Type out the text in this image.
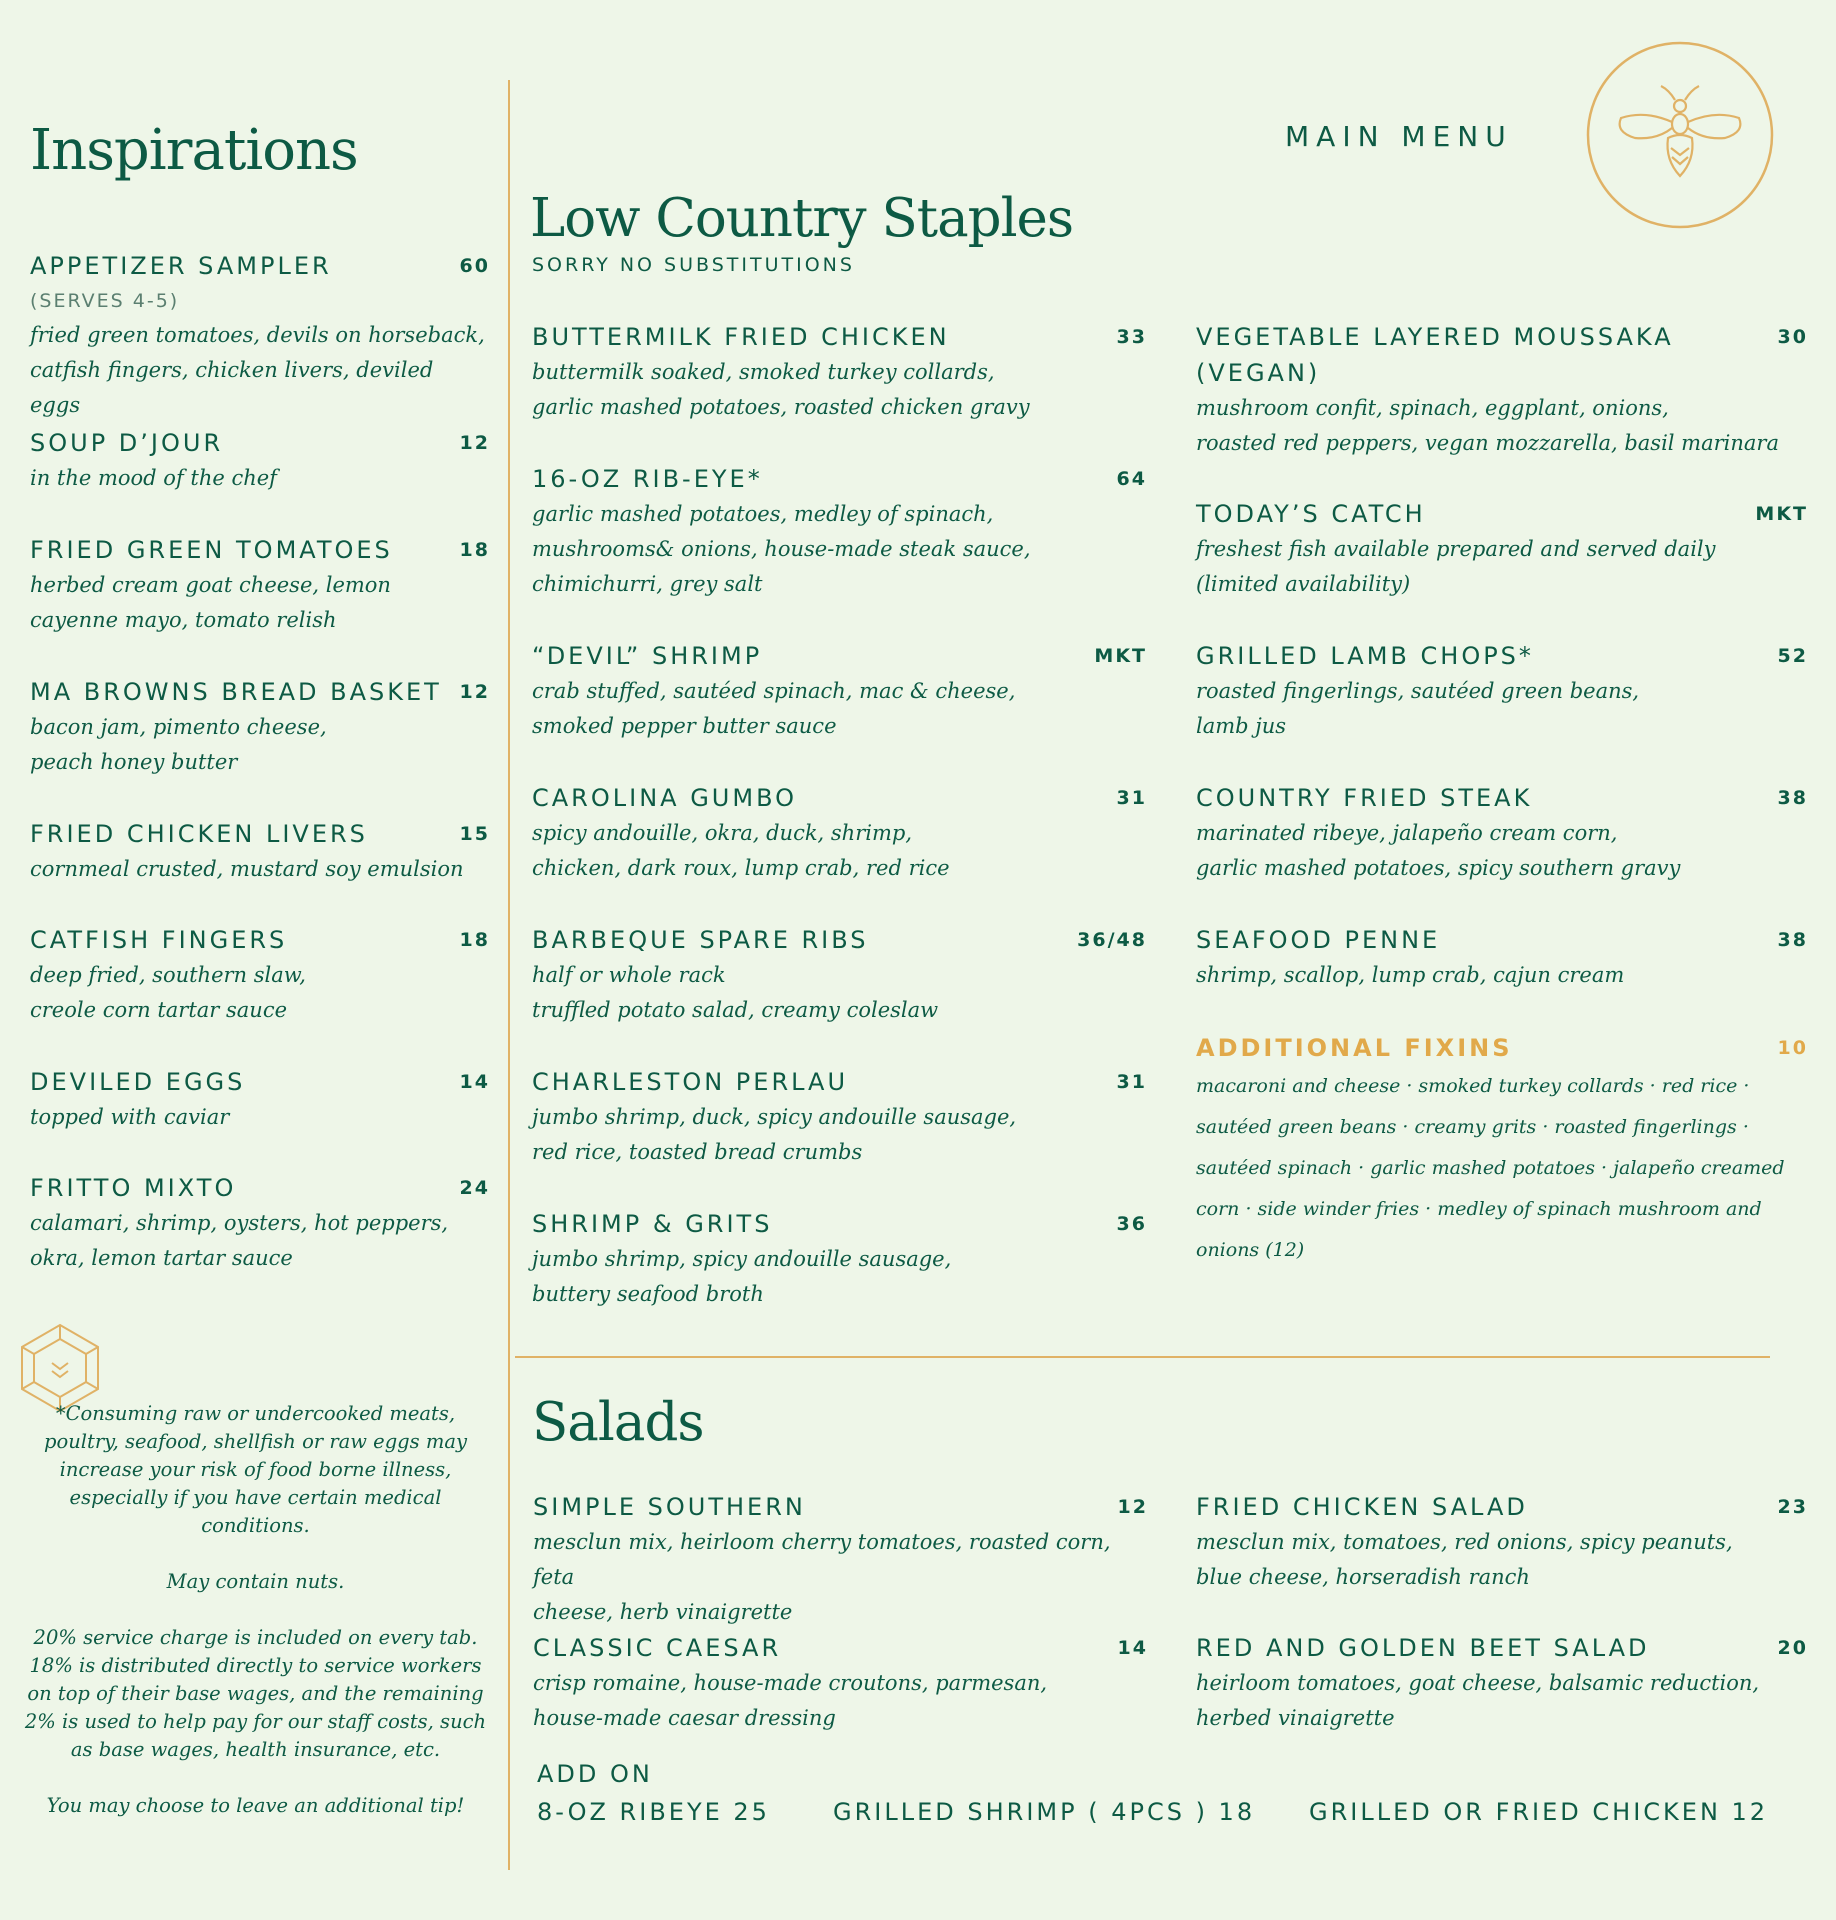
MAIN MENU
Inspirations

*Consuming raw or undercooked meats, poultry, seafood, shellfish or raw eggs may increase your risk of food borne illness, especially if you have certain medical conditions.

May contain nuts.

20% service charge is included on every tab. 18% is distributed directly to service workers on top of their base wages, and the remaining 2% is used to help pay for our staff costs, such as base wages, health insurance, etc.

You may choose to leave an additional tip!

Low Country Staples
SORRY NO SUBSTITUTIONS
ADDITIONAL FIXINS	10
macaroni and cheese · smoked turkey collards · red rice · sautéed green beans · creamy grits · roasted fingerlings · sautéed spinach · garlic mashed potatoes · jalapeño creamed corn · side winder fries · medley of spinach mushroom and onions (12)
Salads
ADD ON
8-OZ RIBEYE 25	GRILLED SHRIMP ( 4PCS ) 18 GRILLED OR FRIED CHICKEN 12
APPETIZER SAMPLER	60
(SERVES 4-5)
fried green tomatoes, devils on horseback,
catfish fingers, chicken livers, deviled eggs
SOUP D’JOUR	12
in the mood of the chef
FRIED GREEN TOMATOES	18
herbed cream goat cheese, lemon
cayenne mayo, tomato relish
MA BROWNS BREAD BASKET 12
bacon jam, pimento cheese,
peach honey butter
FRIED CHICKEN LIVERS	15
cornmeal crusted, mustard soy emulsion
CATFISH FINGERS	18
deep fried, southern slaw,
creole corn tartar sauce
DEVILED EGGS	14
topped with caviar
FRITTO MIXTO	24
calamari, shrimp, oysters, hot peppers,
okra, lemon tartar sauce
BUTTERMILK FRIED CHICKEN	33
buttermilk soaked, smoked turkey collards,
garlic mashed potatoes, roasted chicken gravy
16-OZ RIB-EYE*	64
garlic mashed potatoes, medley of spinach,
mushrooms& onions, house-made steak sauce,
chimichurri, grey salt
“DEVIL” SHRIMP	MKT
crab stuffed, sautéed spinach, mac & cheese,
smoked pepper butter sauce
CAROLINA GUMBO	31
spicy andouille, okra, duck, shrimp,
chicken, dark roux, lump crab, red rice
BARBEQUE SPARE RIBS	36/48
half or whole rack
truffled potato salad, creamy coleslaw
CHARLESTON PERLAU	31
jumbo shrimp, duck, spicy andouille sausage,
red rice, toasted bread crumbs
SHRIMP & GRITS	36
jumbo shrimp, spicy andouille sausage,
buttery seafood broth
VEGETABLE LAYERED MOUSSAKA
(VEGAN)
30
mushroom confit, spinach, eggplant, onions,
roasted red peppers, vegan mozzarella, basil marinara
TODAY’S CATCH	MKT
freshest fish available prepared and served daily
(limited availability)
GRILLED LAMB CHOPS*	52
roasted fingerlings, sautéed green beans,
lamb jus
COUNTRY FRIED STEAK	38
marinated ribeye, jalapeño cream corn,
garlic mashed potatoes, spicy southern gravy
SEAFOOD PENNE	38
shrimp, scallop, lump crab, cajun cream
SIMPLE SOUTHERN	12
mesclun mix, heirloom cherry tomatoes, roasted corn, feta
cheese, herb vinaigrette
FRIED CHICKEN SALAD	23
mesclun mix, tomatoes, red onions, spicy peanuts,
blue cheese, horseradish ranch
CLASSIC CAESAR	14
crisp romaine, house-made croutons, parmesan,
house-made caesar dressing
RED AND GOLDEN BEET SALAD	20
heirloom tomatoes, goat cheese, balsamic reduction,
herbed vinaigrette
